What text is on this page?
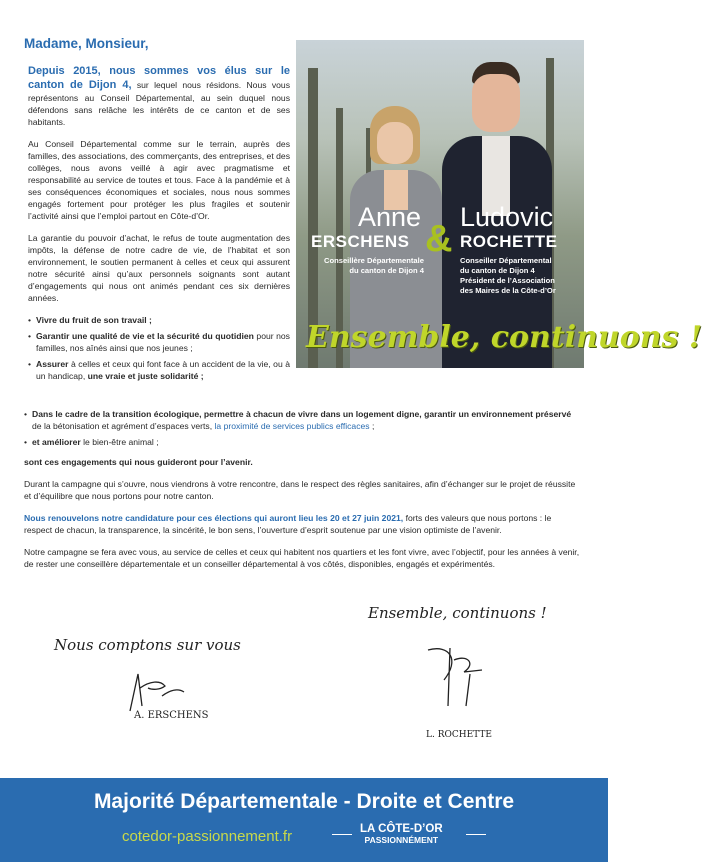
Madame, Monsieur,

Depuis 2015, nous sommes vos élus sur le canton de Dijon 4, sur lequel nous résidons. Nous vous représentons au Conseil Départemental, au sein duquel nous défendons sans relâche les intérêts de ce canton et de ses habitants.

Au Conseil Départemental comme sur le terrain, auprès des familles, des associations, des commerçants, des entreprises, et des collèges, nous avons veillé à agir avec pragmatisme et responsabilité au service de toutes et tous. Face à la pandémie et à ses conséquences économiques et sociales, nous nous sommes engagés fortement pour protéger les plus fragiles et soutenir l’activité ainsi que l’emploi partout en Côte-d’Or.

La garantie du pouvoir d’achat, le refus de toute augmentation des impôts, la défense de notre cadre de vie, de l’habitat et son environnement, le soutien permanent à celles et ceux qui assurent notre sécurité ainsi qu’aux personnels soignants sont autant d’engagements qui nous ont animés pendant ces six dernières années.

• Vivre du fruit de son travail ;
• Garantir une qualité de vie et la sécurité du quotidien pour nos familles, nos aînés ainsi que nos jeunes ;
• Assurer à celles et ceux qui font face à un accident de la vie, ou à un handicap, une vraie et juste solidarité ;
Anne
ERSCHENS
Conseillère Départementale
du canton de Dijon 4
Ludovic
ROCHETTE
Conseiller Départemental
du canton de Dijon 4
Président de l’Association
des Maires de la Côte-d’Or
&
Ensemble, continuons !
• Dans le cadre de la transition écologique, permettre à chacun de vivre dans un logement digne, garantir un environnement préservé de la bétonisation et agrément d’espaces verts, la proximité de services publics efficaces ;
• et améliorer le bien-être animal ;

sont ces engagements qui nous guideront pour l’avenir.

Durant la campagne qui s’ouvre, nous viendrons à votre rencontre, dans le respect des règles sanitaires, afin d’échanger sur le projet de réussite et d’équilibre que nous portons pour notre canton.

Nous renouvelons notre candidature pour ces élections qui auront lieu les 20 et 27 juin 2021, forts des valeurs que nous portons : le respect de chacun, la transparence, la sincérité, le bon sens, l’ouverture d’esprit soutenue par une vision optimiste de l’avenir.

Notre campagne se fera avec vous, au service de celles et ceux qui habitent nos quartiers et les font vivre, avec l’objectif, pour les années à venir, de rester une conseillère départementale et un conseiller départemental à vos côtés, disponibles, engagés et expérimentés.

Nous comptons sur vous
A. ERSCHENS
Ensemble, continuons !
L. ROCHETTE
Majorité Départementale - Droite et Centre
cotedor-passionnement.fr	LA CÔTE-D’OR
PASSIONNÉMENT
